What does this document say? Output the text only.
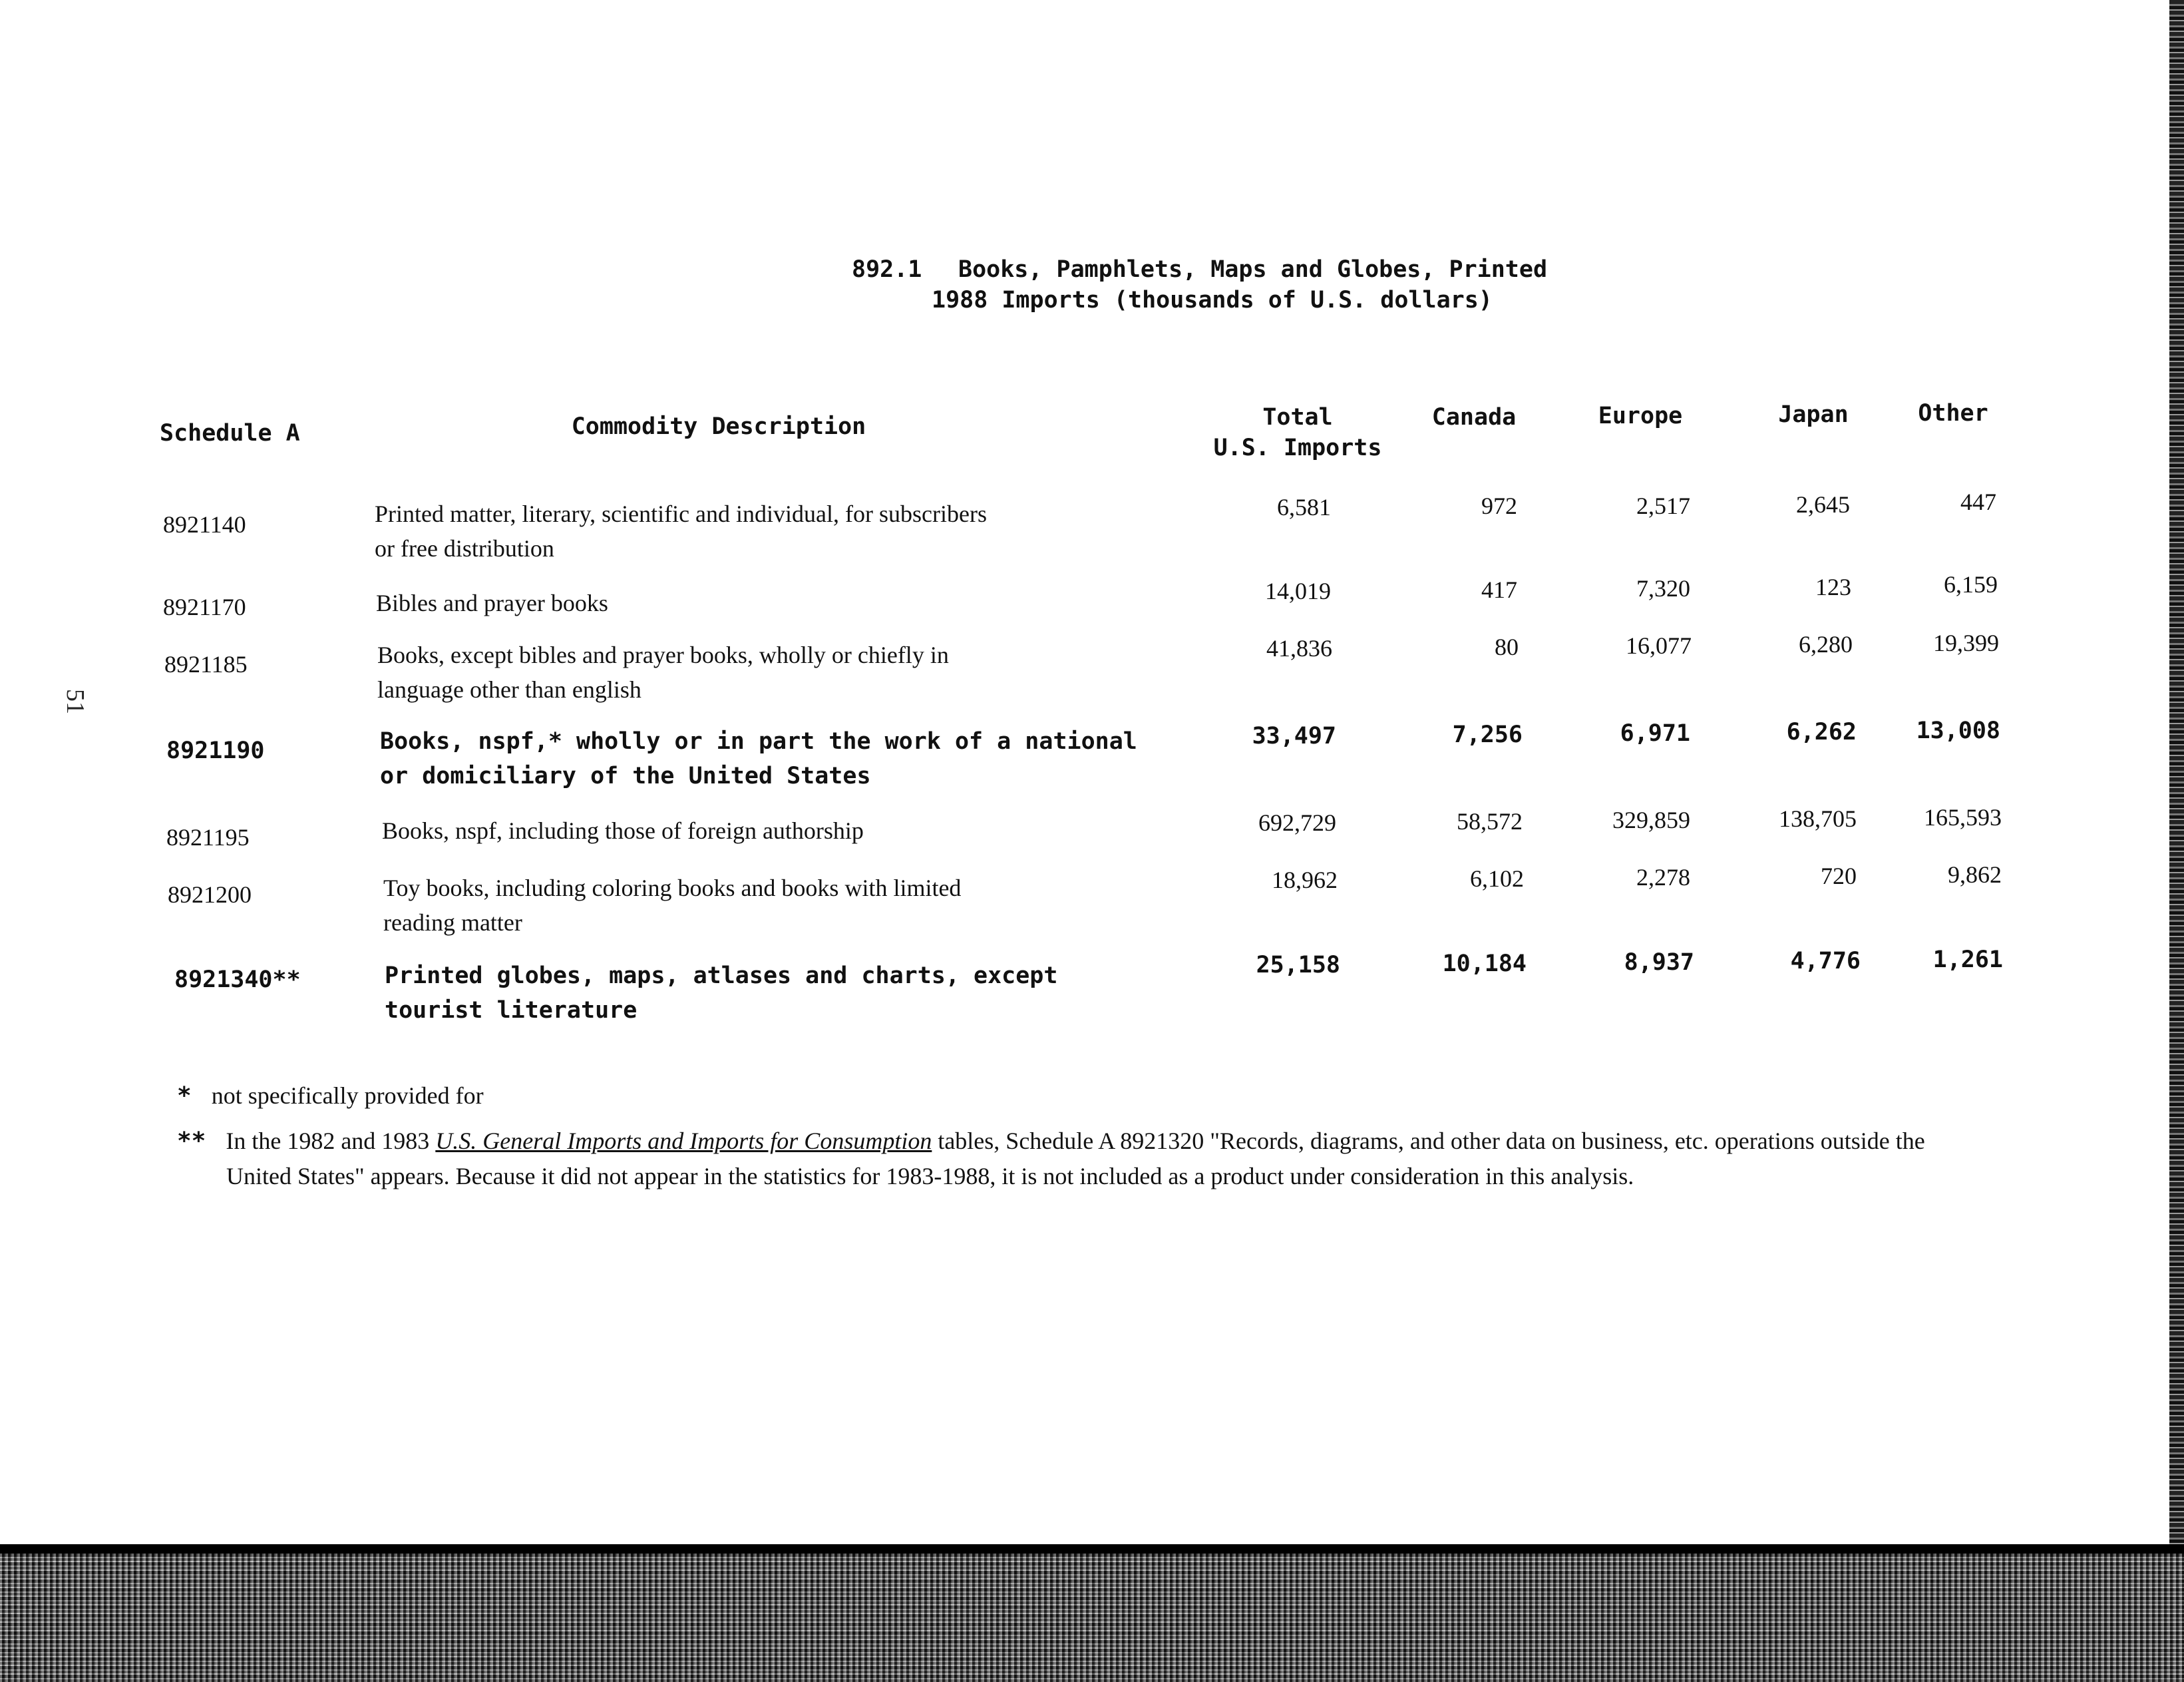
51
892.1 Books, Pamphlets, Maps and Globes, Printed
1988 Imports (thousands of U.S. dollars)
Schedule A	Commodity Description	Total
U.S. Imports
Canada	Europe	Japan	Other
8921140	Printed matter, literary, scientific and individual, for subscribers
or free distribution
6,581	972	2,517	2,645	447
8921170	Bibles and prayer books	14,019	417	7,320	123	6,159
8921185	Books, except bibles and prayer books, wholly or chiefly in
language other than english
41,836	80	16,077	6,280	19,399
8921190	Books, nspf,* wholly or in part the work of a national
or domiciliary of the United States
33,497	7,256	6,971	6,262	13,008
8921195	Books, nspf, including those of foreign authorship	692,729	58,572	329,859	138,705	165,593
8921200	Toy books, including coloring books and books with limited
reading matter
18,962	6,102	2,278	720	9,862
8921340**	Printed globes, maps, atlases and charts, except
tourist literature
25,158	10,184	8,937	4,776	1,261
* not specifically provided for
** In the 1982 and 1983 U.S. General Imports and Imports for Consumption tables, Schedule A 8921320 "Records, diagrams, and other data on business, etc. operations outside the
United States" appears. Because it did not appear in the statistics for 1983-1988, it is not included as a product under consideration in this analysis.
